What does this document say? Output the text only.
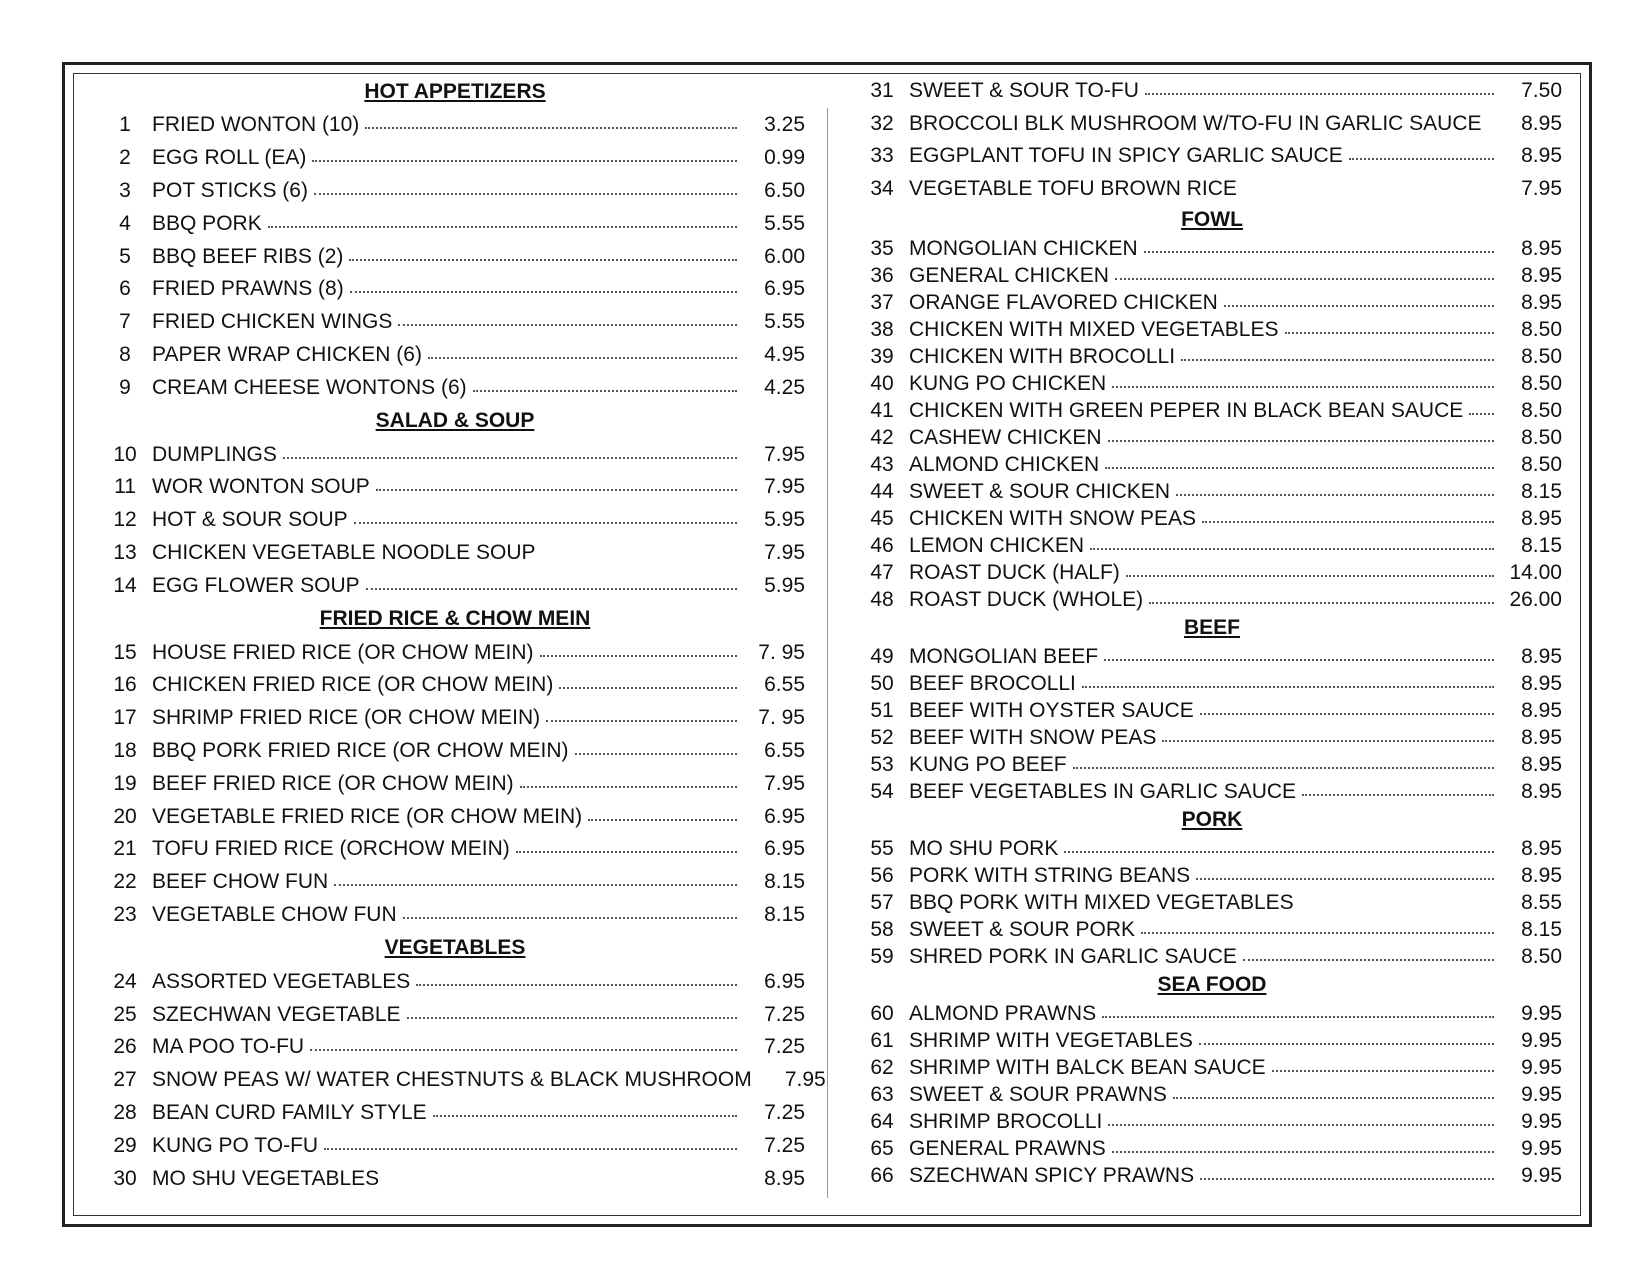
HOT APPETIZERS
1	FRIED WONTON (10)	3.25
2	EGG ROLL (EA)	0.99
3	POT STICKS (6)	6.50
4	BBQ PORK	5.55
5	BBQ BEEF RIBS (2)	6.00
6	FRIED PRAWNS (8)	6.95
7	FRIED CHICKEN WINGS	5.55
8	PAPER WRAP CHICKEN (6)	4.95
9	CREAM CHEESE WONTONS (6)	4.25
SALAD & SOUP
10 DUMPLINGS	7.95
11 WOR WONTON SOUP	7.95
12 HOT & SOUR SOUP	5.95
13 CHICKEN VEGETABLE NOODLE SOUP	7.95
14 EGG FLOWER SOUP	5.95
FRIED RICE & CHOW MEIN
15 HOUSE FRIED RICE (OR CHOW MEIN)	7. 95
16 CHICKEN FRIED RICE (OR CHOW MEIN)	6.55
17 SHRIMP FRIED RICE (OR CHOW MEIN)	7. 95
18 BBQ PORK FRIED RICE (OR CHOW MEIN)	6.55
19 BEEF FRIED RICE (OR CHOW MEIN)	7.95
20 VEGETABLE FRIED RICE (OR CHOW MEIN)	6.95
21 TOFU FRIED RICE (ORCHOW MEIN)	6.95
22 BEEF CHOW FUN	8.15
23 VEGETABLE CHOW FUN	8.15
VEGETABLES
24 ASSORTED VEGETABLES	6.95
25 SZECHWAN VEGETABLE	7.25
26 MA POO TO-FU	7.25
27 SNOW PEAS W/ WATER CHESTNUTS & BLACK MUSHROOM	7.95
28 BEAN CURD FAMILY STYLE	7.25
29 KUNG PO TO-FU	7.25
30 MO SHU VEGETABLES	8.95
31 SWEET & SOUR TO-FU	7.50
32 BROCCOLI BLK MUSHROOM W/TO-FU IN GARLIC SAUCE	8.95
33 EGGPLANT TOFU IN SPICY GARLIC SAUCE	8.95
34 VEGETABLE TOFU BROWN RICE	7.95
FOWL
35 MONGOLIAN CHICKEN	8.95
36 GENERAL CHICKEN	8.95
37 ORANGE FLAVORED CHICKEN	8.95
38 CHICKEN WITH MIXED VEGETABLES	8.50
39 CHICKEN WITH BROCOLLI	8.50
40 KUNG PO CHICKEN	8.50
41 CHICKEN WITH GREEN PEPER IN BLACK BEAN SAUCE	8.50
42 CASHEW CHICKEN	8.50
43 ALMOND CHICKEN	8.50
44 SWEET & SOUR CHICKEN	8.15
45 CHICKEN WITH SNOW PEAS	8.95
46 LEMON CHICKEN	8.15
47 ROAST DUCK (HALF)	14.00
48 ROAST DUCK (WHOLE)	26.00
BEEF
49 MONGOLIAN BEEF	8.95
50 BEEF BROCOLLI	8.95
51 BEEF WITH OYSTER SAUCE	8.95
52 BEEF WITH SNOW PEAS	8.95
53 KUNG PO BEEF	8.95
54 BEEF VEGETABLES IN GARLIC SAUCE	8.95
PORK
55 MO SHU PORK	8.95
56 PORK WITH STRING BEANS	8.95
57 BBQ PORK WITH MIXED VEGETABLES	8.55
58 SWEET & SOUR PORK	8.15
59 SHRED PORK IN GARLIC SAUCE	8.50
SEA FOOD
60 ALMOND PRAWNS	9.95
61 SHRIMP WITH VEGETABLES	9.95
62 SHRIMP WITH BALCK BEAN SAUCE	9.95
63 SWEET & SOUR PRAWNS	9.95
64 SHRIMP BROCOLLI	9.95
65 GENERAL PRAWNS	9.95
66 SZECHWAN SPICY PRAWNS	9.95
